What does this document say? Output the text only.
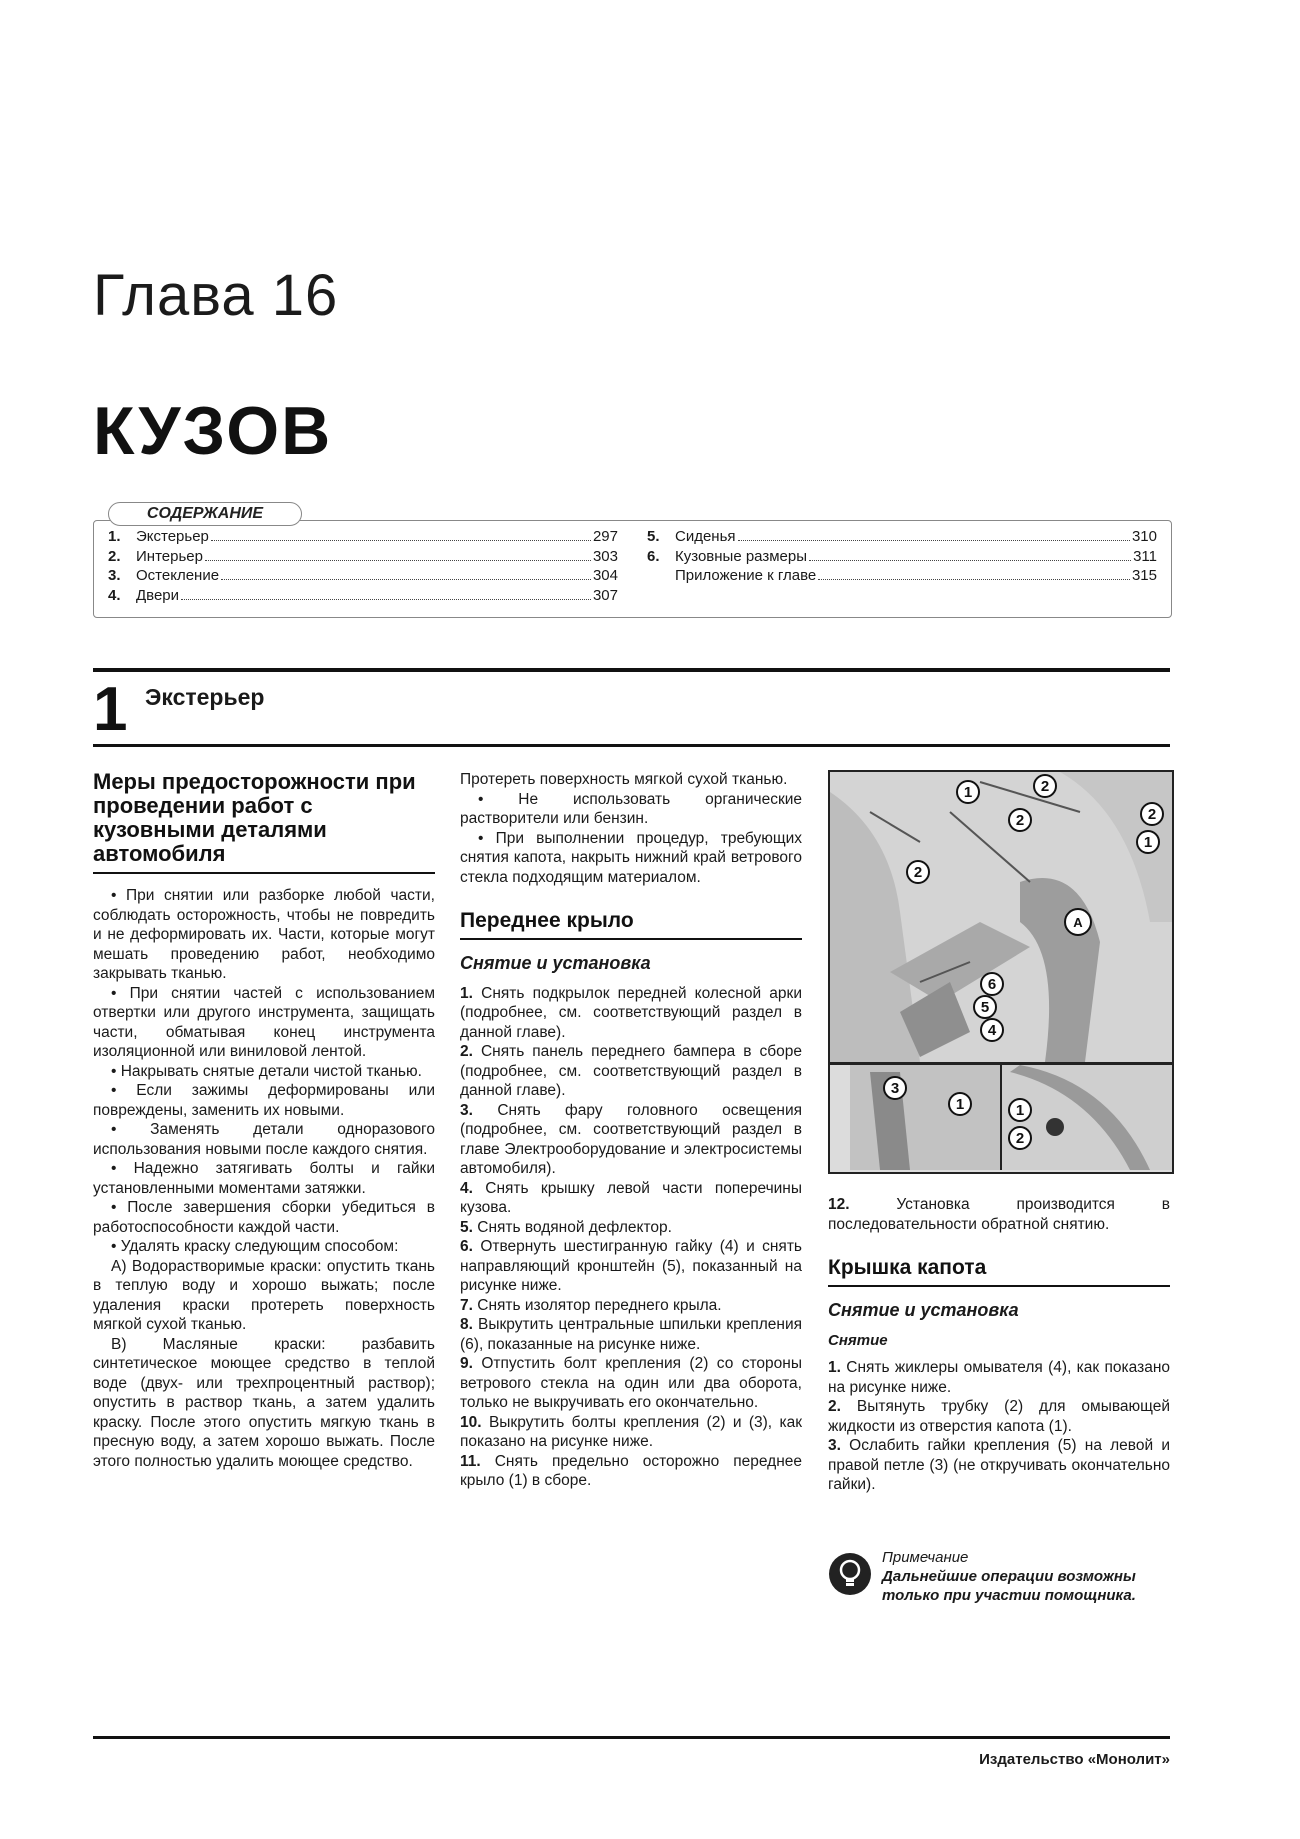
Глава 16
КУЗОВ
СОДЕРЖАНИЕ
1.	Экстерьер	297
2.	Интерьер	303
3.	Остекление	304
4.	Двери	307
5.	Сиденья	310
6.	Кузовные размеры	311
Приложение к главе	315
1 Экстерьер
Меры предосторожности при проведении работ с кузовными деталями автомобиля

• При снятии или разборке любой части, соблюдать осторожность, чтобы не повредить и не деформировать их. Части, которые могут мешать проведению работ, необходимо закрывать тканью.

• При снятии частей с использованием отвертки или другого инструмента, защищать части, обматывая конец инструмента изоляционной или виниловой лентой.

• Накрывать снятые детали чистой тканью.

• Если зажимы деформированы или повреждены, заменить их новыми.

• Заменять детали одноразового использования новыми после каждого снятия.

• Надежно затягивать болты и гайки установленными моментами затяжки.

• После завершения сборки убедиться в работоспособности каждой части.

• Удалять краску следующим способом:

А) Водорастворимые краски: опустить ткань в теплую воду и хорошо выжать; после удаления краски протереть поверхность мягкой сухой тканью.

В) Масляные краски: разбавить синтетическое моющее средство в теплой воде (двух- или трехпроцентный раствор); опустить в раствор ткань, а затем удалить краску. После этого опустить мягкую ткань в пресную воду, а затем хорошо выжать. После этого полностью удалить моющее средство.

Протереть поверхность мягкой сухой тканью.

• Не использовать органические растворители или бензин.

• При выполнении процедур, требующих снятия капота, накрыть нижний край ветрового стекла подходящим материалом.

Переднее крыло
Снятие и установка

1. Снять подкрылок передней колесной арки (подробнее, см. соответствующий раздел в данной главе).

2. Снять панель переднего бампера в сборе (подробнее, см. соответствующий раздел в данной главе).

3. Снять фару головного освещения (подробнее, см. соответствующий раздел в главе Электрооборудование и электросистемы автомобиля).

4. Снять крышку левой части поперечины кузова.

5. Снять водяной дефлектор.

6. Отвернуть шестигранную гайку (4) и снять направляющий кронштейн (5), показанный на рисунке ниже.

7. Снять изолятор переднего крыла.

8. Выкрутить центральные шпильки крепления (6), показанные на рисунке ниже.

9. Отпустить болт крепления (2) со стороны ветрового стекла на один или два оборота, только не выкручивать его окончательно.

10. Выкрутить болты крепления (2) и (3), как показано на рисунке ниже.

11. Снять предельно осторожно переднее крыло (1) в сборе.

1	2
2	2
1
2
6
5
4
3
1	1
2
A

12.	Установка производится в последовательности обратной снятию.

Крышка капота
Снятие и установка
Снятие

1. Снять жиклеры омывателя (4), как показано на рисунке ниже.

2. Вытянуть трубку (2) для омывающей жидкости из отверстия капота (1).

3. Ослабить гайки крепления (5) на левой и правой петле (3) (не откручивать окончательно гайки).

Примечание
Дальнейшие операции возможны только при участии помощника.
Издательство «Монолит»
